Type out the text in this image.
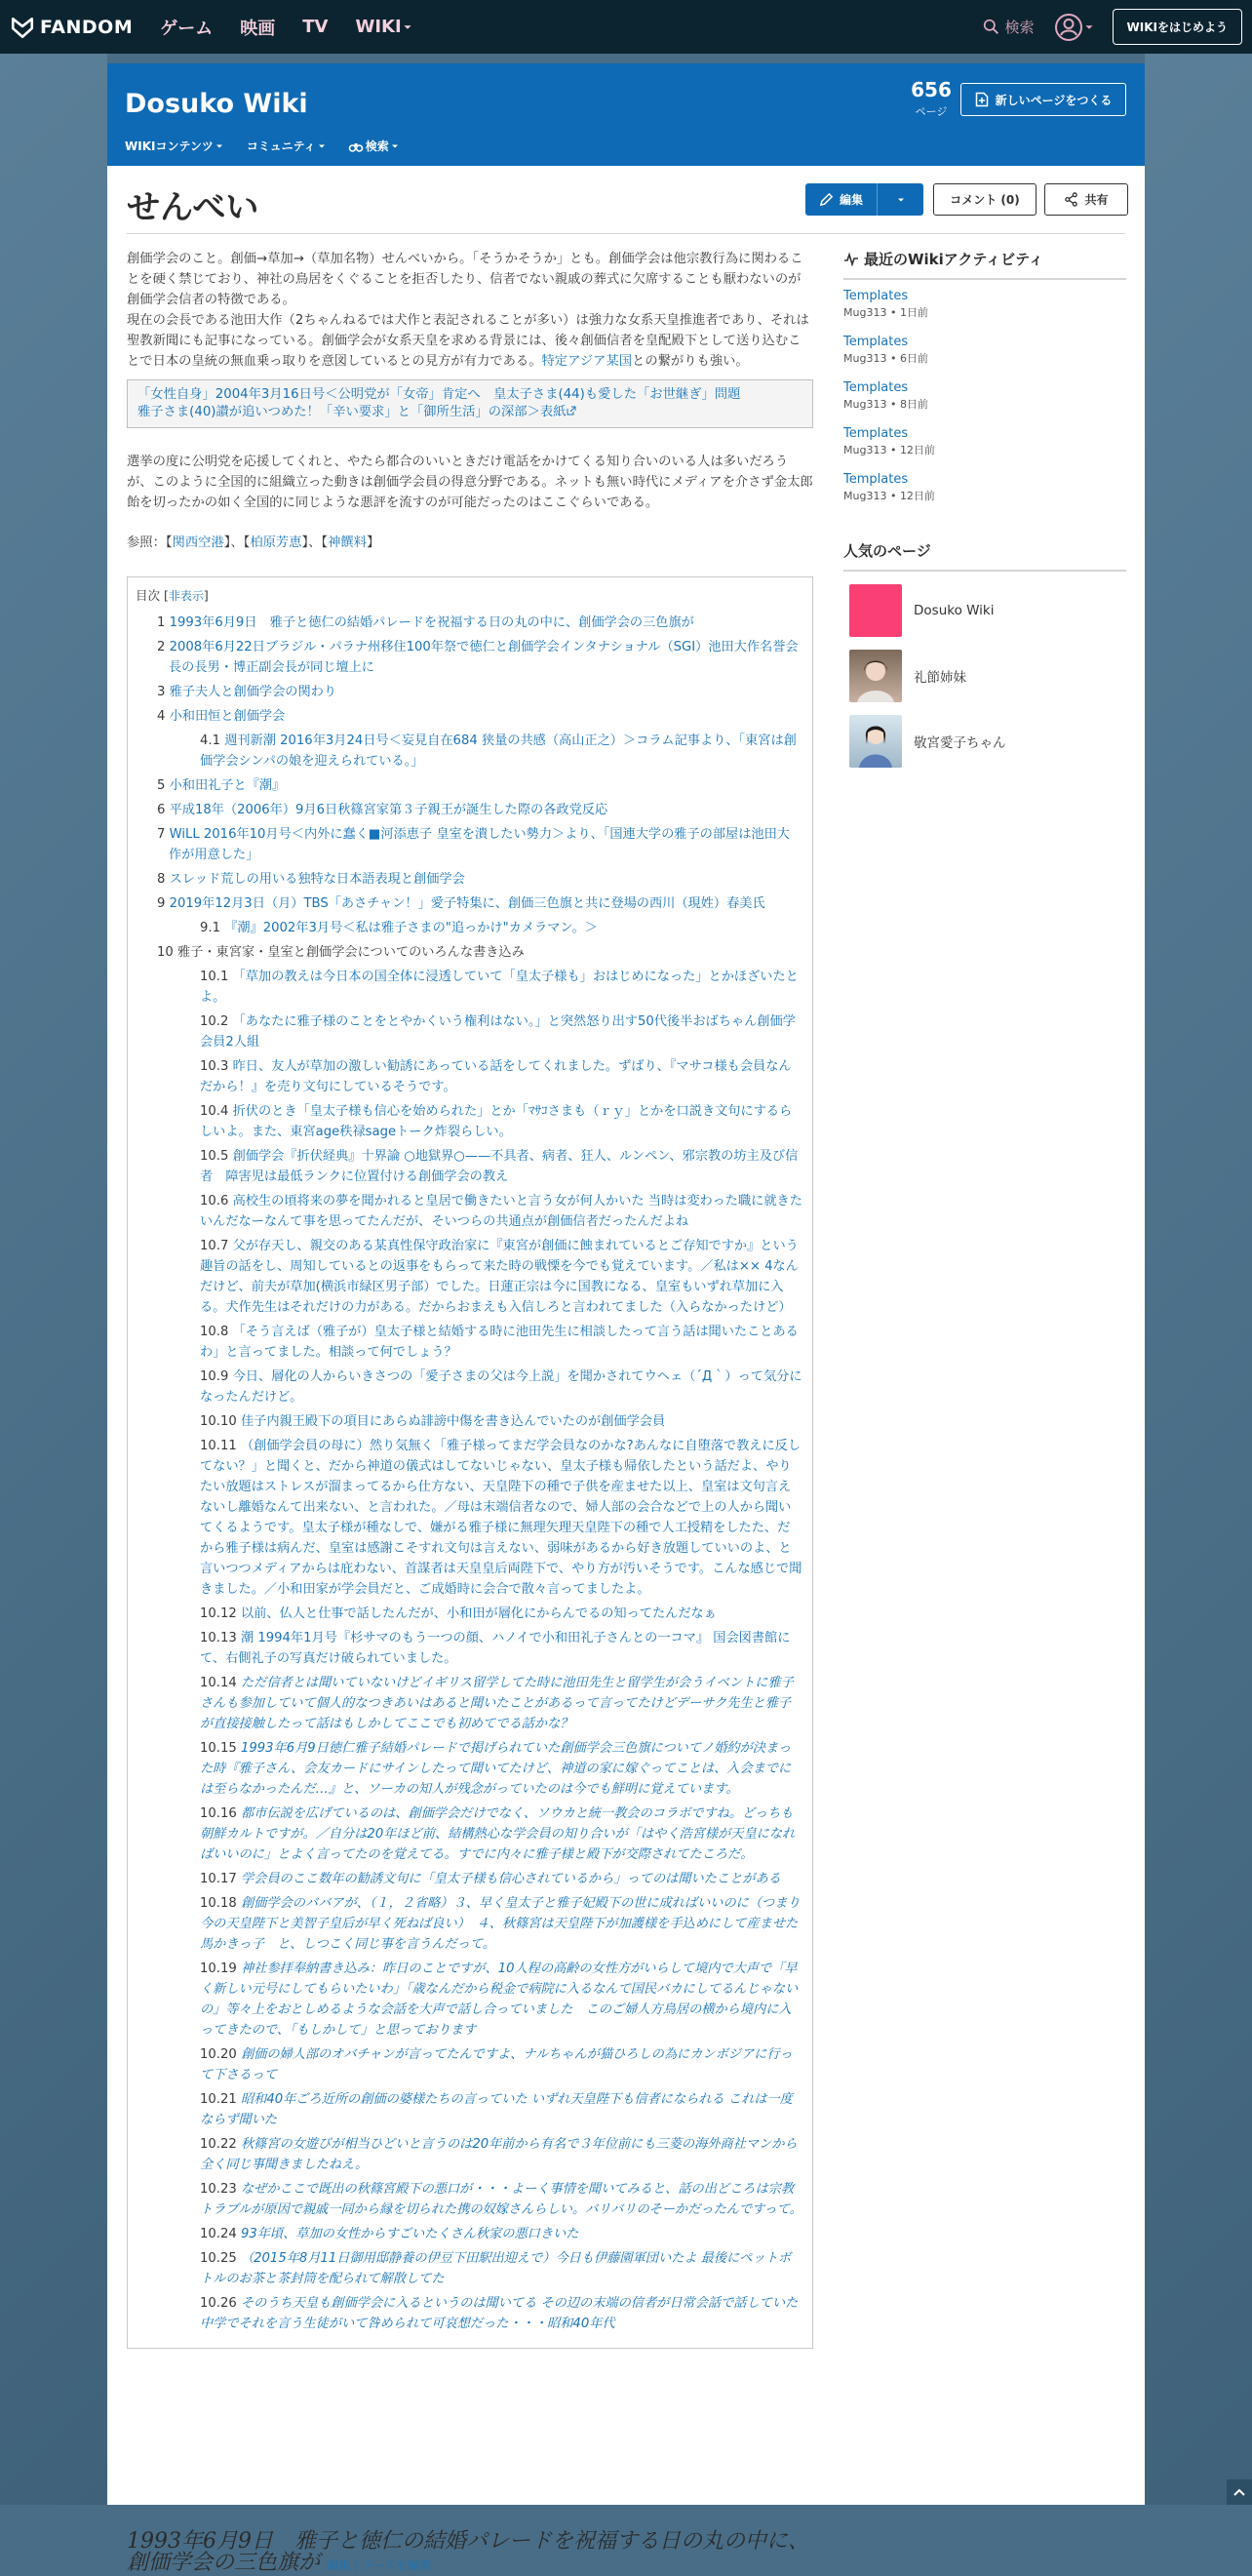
FANDOM ゲーム 映画 TV WIKI	検索	WIKIをはじめよう
Dosuko Wiki
WIKIコンテンツ	コミュニティ	検索
656
ページ
新しいページをつくる
せんべい	編集	コメント (0)	共有

創価学会のこと。創価→草加→（草加名物）せんべいから。「そうかそうか」とも。創価学会は他宗教行為に関わることを硬く禁じており、神社の鳥居をくぐることを拒否したり、信者でない親戚の葬式に欠席することも厭わないのが創価学会信者の特徴である。

現在の会長である池田大作（2ちゃんねるでは犬作と表記されることが多い）は強力な女系天皇推進者であり、それは聖教新聞にも記事になっている。創価学会が女系天皇を求める背景には、後々創価信者を皇配殿下として送り込むことで日本の皇統の無血乗っ取りを意図しているとの見方が有力である。特定アジア某国との繋がりも強い。

「女性自身」2004年3月16日号＜公明党が「女帝」肯定へ　皇太子さま(44)も愛した「お世継ぎ」問題
雅子さま(40)讃が追いつめた！「辛い要求」と「御所生活」の深部＞表紙

選挙の度に公明党を応援してくれと、やたら都合のいいときだけ電話をかけてくる知り合いのいる人は多いだろうが、このように全国的に組織立った動きは創価学会員の得意分野である。ネットも無い時代にメディアを介さず金太郎飴を切ったかの如く全国的に同じような悪評を流すのが可能だったのはここぐらいである。

参照：【関西空港】、【柏原芳恵】、【神饌料】

目次 [非表示]
1 1993年6月9日　雅子と徳仁の結婚パレードを祝福する日の丸の中に、創価学会の三色旗が
2 2008年6月22日ブラジル・パラナ州移住100年祭で徳仁と創価学会インタナショナル（SGI）池田大作名誉会長の長男・博正副会長が同じ壇上に
3 雅子夫人と創価学会の関わり
4 小和田恒と創価学会
4.1 週刊新潮 2016年3月24日号＜妄見自在684 狭量の共感（高山正之）＞コラム記事より、「東宮は創価学会シンパの娘を迎えられている。」
5 小和田礼子と『潮』
6 平成18年（2006年）9月6日秋篠宮家第３子親王が誕生した際の各政党反応
7 WiLL 2016年10月号＜内外に蠢く■河添恵子 皇室を潰したい勢力＞より、「国連大学の雅子の部屋は池田大作が用意した」
8 スレッド荒しの用いる独特な日本語表現と創価学会
9 2019年12月3日（月）TBS「あさチャン！」愛子特集に、創価三色旗と共に登場の西川（現姓）春美氏
9.1 『潮』2002年3月号＜私は雅子さまの"追っかけ"カメラマン。＞
10 雅子・東宮家・皇室と創価学会についてのいろんな書き込み
10.1 「草加の教えは今日本の国全体に浸透していて「皇太子様も」おはじめになった」とかほざいたとよ。
10.2 「あなたに雅子様のことをとやかくいう権利はない。」と突然怒り出す50代後半おばちゃん創価学会員2人組
10.3 昨日、友人が草加の激しい勧誘にあっている話をしてくれました。ずばり、『マサコ様も会員なんだから！』を売り文句にしているそうです。
10.4 折伏のとき「皇太子様も信心を始められた」とか「ﾏｻｺさまも（ｒｙ」とかを口説き文句にするらしいよ。また、東宮age秩禄sageトーク炸裂らしい。
10.5 創価学会『折伏経典』十界論 ○地獄界○——不具者、病者、狂人、ルンペン、邪宗教の坊主及び信者　障害児は最低ランクに位置付ける創価学会の教え
10.6 高校生の頃将来の夢を聞かれると皇居で働きたいと言う女が何人かいた 当時は変わった職に就きたいんだなーなんて事を思ってたんだが、そいつらの共通点が創価信者だったんだよね
10.7 父が存天し、親交のある某真性保守政治家に『東宮が創価に蝕まれているとご存知ですか』という趣旨の話をし、周知しているとの返事をもらって来た時の戦慄を今でも覚えています。／私は×× 4なんだけど、前夫が草加(横浜市緑区男子部）でした。日蓮正宗は今に国教になる、皇室もいずれ草加に入る。犬作先生はそれだけの力がある。だからおまえも入信しろと言われてました（入らなかったけど）
10.8 「そう言えば（雅子が）皇太子様と結婚する時に池田先生に相談したって言う話は聞いたことあるわ」と言ってました。相談って何でしょう？
10.9 今日、層化の人からいきさつの「愛子さまの父は今上説」を聞かされてウヘェ（´Д｀）って気分になったんだけど。
10.10 佳子内親王殿下の項目にあらぬ誹謗中傷を書き込んでいたのが創価学会員
10.11 （創価学会員の母に）然り気無く「雅子様ってまだ学会員なのかな?あんなに自堕落で教えに反してない？」と聞くと、だから神道の儀式はしてないじゃない、皇太子様も帰依したという話だよ、やりたい放題はストレスが溜まってるから仕方ない、天皇陛下の種で子供を産ませた以上、皇室は文句言えないし離婚なんて出来ない、と言われた。／母は末端信者なので、婦人部の会合などで上の人から聞いてくるようです。皇太子様が種なしで、嫌がる雅子様に無理矢理天皇陛下の種で人工授精をしたた、だから雅子様は病んだ、皇室は感謝こそすれ文句は言えない、弱味があるから好き放題していいのよ、と言いつつメディアからは庇わない、首謀者は天皇皇后両陛下で、やり方が汚いそうです。こんな感じで聞きました。／小和田家が学会員だと、ご成婚時に会合で散々言ってましたよ。
10.12 以前、仏人と仕事で話したんだが、小和田が層化にからんでるの知ってたんだなぁ
10.13 潮 1994年1月号『杉サマのもう一つの顔、ハノイで小和田礼子さんとの一コマ』 国会図書館にて、右側礼子の写真だけ破られていました。
10.14 ただ信者とは聞いていないけどイギリス留学してた時に池田先生と留学生が会うイベントに雅子さんも参加していて個人的なつきあいはあると聞いたことがあるって言ってたけどデーサク先生と雅子が直接接触したって話はもしかしてここでも初めてでる話かな？
10.15 1993年6月9日徳仁雅子結婚パレードで掲げられていた創価学会三色旗についてノ婚約が決まった時『雅子さん、会友カードにサインしたって聞いてたけど、神道の家に嫁ぐってことは、入会までには至らなかったんだ…』と、ソーカの知人が残念がっていたのは今でも鮮明に覚えています。
10.16 都市伝説を広げているのは、創価学会だけでなく、ソウカと統一教会のコラボですね。どっちも朝鮮カルトですが。／自分は20年ほど前、結構熱心な学会員の知り合いが「はやく浩宮様が天皇になればいいのに」とよく言ってたのを覚えてる。すでに内々に雅子様と殿下が交際されてたころだ。
10.17 学会員のここ数年の勧誘文句に「皇太子様も信心されているから」ってのは聞いたことがある
10.18 創価学会のババアが、（１，２省略）３、早く皇太子と雅子妃殿下の世に成ればいいのに（つまり今の天皇陛下と美智子皇后が早く死ねば良い）　４、秋篠宮は天皇陛下が加護様を手込めにして産ませた馬かきっ子　と、しつこく同じ事を言うんだって。
10.19 神社参拝奉納書き込み：昨日のことですが、10人程の高齢の女性方がいらして境内で大声で「早く新しい元号にしてもらいたいわ」「歳なんだから税金で病院に入るなんて国民バカにしてるんじゃないの」等々上をおとしめるような会話を大声で話し合っていました　このご婦人方鳥居の横から境内に入ってきたので、「もしかして」と思っております
10.20 創価の婦人部のオバチャンが言ってたんですよ、ナルちゃんが猫ひろしの為にカンボジアに行って下さるって
10.21 昭和40年ごろ近所の創価の婆様たちの言っていた いずれ天皇陛下も信者になられる これは一度ならず聞いた
10.22 秋篠宮の女遊びが相当ひどいと言うのは20年前から有名で３年位前にも三菱の海外商社マンから全く同じ事聞きましたねえ。
10.23 なぜかここで既出の秋篠宮殿下の悪口が・・・よーく事情を聞いてみると、話の出どころは宗教トラブルが原因で親戚一同から縁を切られた携の奴嫁さんらしい。バリバリのそーかだったんですって。
10.24 93年頃、草加の女性からすごいたくさん秋家の悪口きいた
10.25 （2015年8月11日御用邸静養の伊豆下田駅出迎えで）今日も伊藤園軍団いたよ 最後にペットボトルのお茶と茶封筒を配られて解散してた
10.26 そのうち天皇も創価学会に入るというのは聞いてる その辺の末端の信者が日常会話で話していた 中学でそれを言う生徒がいて咎められて可哀想だった・・・昭和40年代
1993年6月9日　雅子と徳仁の結婚パレードを祝福する日の丸の中に、創価学会の三色旗が 編集 | ソースを編集
最近のWikiアクティビティ
Templates
Mug313 • 1日前
Templates
Mug313 • 6日前
Templates
Mug313 • 8日前
Templates
Mug313 • 12日前
Templates
Mug313 • 12日前
人気のページ
Dosuko Wiki
礼節姉妹
敬宮愛子ちゃん
